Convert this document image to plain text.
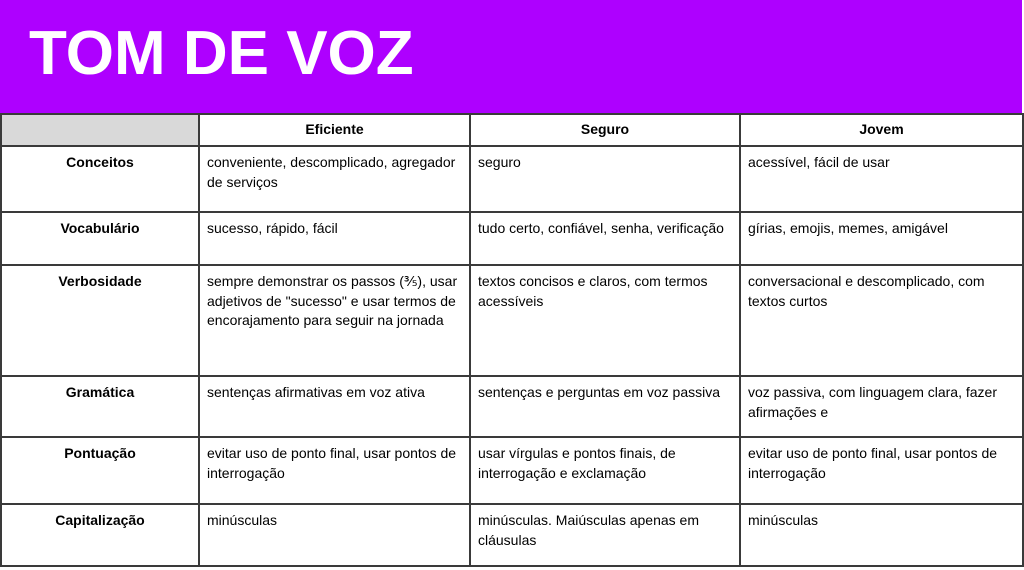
TOM DE VOZ
	Eficiente	Seguro	Jovem
Conceitos	conveniente, descomplicado, agregador de serviços	seguro	acessível, fácil de usar
Vocabulário	sucesso, rápido, fácil	tudo certo, confiável, senha, verificação	gírias, emojis, memes, amigável
Verbosidade	sempre demonstrar os passos (⅗), usar adjetivos de "sucesso" e usar termos de encorajamento para seguir na jornada	textos concisos e claros, com termos acessíveis	conversacional e descomplicado, com textos curtos
Gramática	sentenças afirmativas em voz ativa	sentenças e perguntas em voz passiva	voz passiva, com linguagem clara, fazer afirmações e
Pontuação	evitar uso de ponto final, usar pontos de interrogação	usar vírgulas e pontos finais, de interrogação e exclamação	evitar uso de ponto final, usar pontos de interrogação
Capitalização	minúsculas	minúsculas. Maiúsculas apenas em cláusulas	minúsculas
